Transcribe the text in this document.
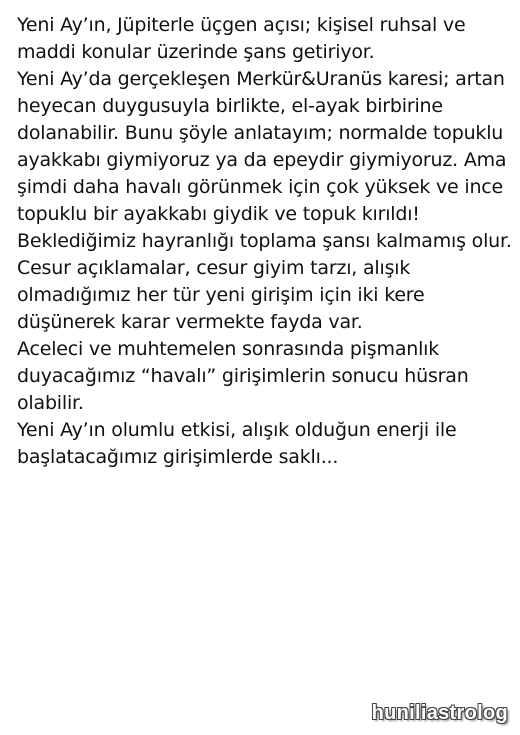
Yeni Ay’ın, Jüpiterle üçgen açısı; kişisel ruhsal ve maddi konular üzerinde şans getiriyor.

Yeni Ay’da gerçekleşen Merkür&Uranüs karesi; artan heyecan duygusuyla birlikte, el-ayak birbirine dolanabilir. Bunu şöyle anlatayım; normalde topuklu ayakkabı giymiyoruz ya da epeydir giymiyoruz. Ama şimdi daha havalı görünmek için çok yüksek ve ince topuklu bir ayakkabı giydik ve topuk kırıldı! Beklediğimiz hayranlığı toplama şansı kalmamış olur.

Cesur açıklamalar, cesur giyim tarzı, alışık olmadığımız her tür yeni girişim için iki kere düşünerek karar vermekte fayda var.

Aceleci ve muhtemelen sonrasında pişmanlık duyacağımız “havalı” girişimlerin sonucu hüsran olabilir.

Yeni Ay’ın olumlu etkisi, alışık olduğun enerji ile başlatacağımız girişimlerde saklı...

huniliastrolog
